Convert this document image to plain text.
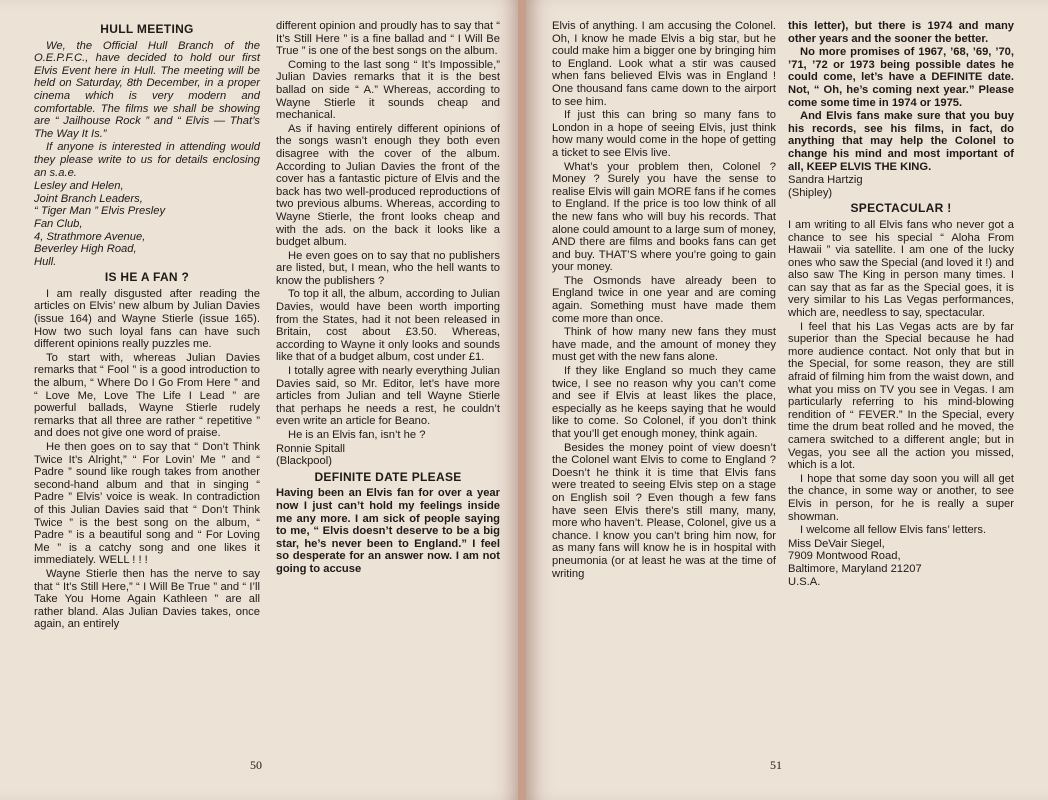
HULL MEETING

We, the Official Hull Branch of the O.E.P.F.C., have decided to hold our first Elvis Event here in Hull. The meeting will be held on Saturday, 8th December, in a proper cinema which is very modern and comfortable. The films we shall be showing are “ Jailhouse Rock ” and “ Elvis — That’s The Way It Is.”

If anyone is interested in attending would they please write to us for details enclosing an s.a.e.

Lesley and Helen,

Joint Branch Leaders,

“ Tiger Man ” Elvis Presley

Fan Club,

4, Strathmore Avenue,

Beverley High Road,

Hull.

IS HE A FAN ?

I am really disgusted after reading the articles on Elvis’ new album by Julian Davies (issue 164) and Wayne Stierle (issue 165). How two such loyal fans can have such different opinions really puzzles me.

To start with, whereas Julian Davies remarks that “ Fool ” is a good introduction to the album, “ Where Do I Go From Here ” and “ Love Me, Love The Life I Lead ” are powerful ballads, Wayne Stierle rudely remarks that all three are rather “ repetitive ” and does not give one word of praise.

He then goes on to say that “ Don’t Think Twice It’s Alright,” “ For Lovin’ Me ” and “ Padre ” sound like rough takes from another second-hand album and that in singing “ Padre ” Elvis’ voice is weak. In contradiction of this Julian Davies said that “ Don’t Think Twice ” is the best song on the album, “ Padre ” is a beautiful song and “ For Loving Me ” is a catchy song and one likes it immediately. WELL ! ! !

Wayne Stierle then has the nerve to say that “ It’s Still Here,” “ I Will Be True ” and “ I’ll Take You Home Again Kathleen ” are all rather bland. Alas Julian Davies takes, once again, an entirely

different opinion and proudly has to say that “ It’s Still Here ” is a fine ballad and “ I Will Be True ” is one of the best songs on the album.

Coming to the last song “ It’s Impossible,” Julian Davies remarks that it is the best ballad on side “ A.” Whereas, according to Wayne Stierle it sounds cheap and mechanical.

As if having entirely different opinions of the songs wasn’t enough they both even disagree with the cover of the album. According to Julian Davies the front of the cover has a fantastic picture of Elvis and the back has two well-produced reproductions of two previous albums. Whereas, according to Wayne Stierle, the front looks cheap and with the ads. on the back it looks like a budget album.

He even goes on to say that no publishers are listed, but, I mean, who the hell wants to know the publishers ?

To top it all, the album, according to Julian Davies, would have been worth importing from the States, had it not been released in Britain, cost about £3.50. Whereas, according to Wayne it only looks and sounds like that of a budget album, cost under £1.

I totally agree with nearly everything Julian Davies said, so Mr. Editor, let’s have more articles from Julian and tell Wayne Stierle that perhaps he needs a rest, he couldn’t even write an article for Beano.

He is an Elvis fan, isn’t he ?

Ronnie Spitall

(Blackpool)

DEFINITE DATE PLEASE

Having been an Elvis fan for over a year now I just can’t hold my feelings inside me any more. I am sick of people saying to me, “ Elvis doesn’t deserve to be a big star, he’s never been to England.” I feel so desperate for an answer now. I am not going to accuse

50

Elvis of anything. I am accusing the Colonel. Oh, I know he made Elvis a big star, but he could make him a bigger one by bringing him to England. Look what a stir was caused when fans believed Elvis was in England ! One thousand fans came down to the airport to see him.

If just this can bring so many fans to London in a hope of seeing Elvis, just think how many would come in the hope of getting a ticket to see Elvis live.

What’s your problem then, Colonel ? Money ? Surely you have the sense to realise Elvis will gain MORE fans if he comes to England. If the price is too low think of all the new fans who will buy his records. That alone could amount to a large sum of money, AND there are films and books fans can get and buy. THAT’S where you’re going to gain your money.

The Osmonds have already been to England twice in one year and are coming again. Something must have made them come more than once.

Think of how many new fans they must have made, and the amount of money they must get with the new fans alone.

If they like England so much they came twice, I see no reason why you can’t come and see if Elvis at least likes the place, especially as he keeps saying that he would like to come. So Colonel, if you don’t think that you’ll get enough money, think again.

Besides the money point of view doesn’t the Colonel want Elvis to come to England ? Doesn’t he think it is time that Elvis fans were treated to seeing Elvis step on a stage on English soil ? Even though a few fans have seen Elvis there’s still many, many, more who haven’t. Please, Colonel, give us a chance. I know you can’t bring him now, for as many fans will know he is in hospital with pneumonia (or at least he was at the time of writing

this letter), but there is 1974 and many other years and the sooner the better.

No more promises of 1967, ’68, ’69, ’70, ’71, ’72 or 1973 being possible dates he could come, let’s have a DEFINITE date. Not, “ Oh, he’s coming next year.” Please come some time in 1974 or 1975.

And Elvis fans make sure that you buy his records, see his films, in fact, do anything that may help the Colonel to change his mind and most important of all, KEEP ELVIS THE KING.

Sandra Hartzig

(Shipley)

SPECTACULAR !

I am writing to all Elvis fans who never got a chance to see his special “ Aloha From Hawaii ” via satellite. I am one of the lucky ones who saw the Special (and loved it !) and also saw The King in person many times. I can say that as far as the Special goes, it is very similar to his Las Vegas performances, which are, needless to say, spectacular.

I feel that his Las Vegas acts are by far superior than the Special because he had more audience contact. Not only that but in the Special, for some reason, they are still afraid of filming him from the waist down, and what you miss on TV you see in Vegas. I am particularly referring to his mind-blowing rendition of “ FEVER.” In the Special, every time the drum beat rolled and he moved, the camera switched to a different angle; but in Vegas, you see all the action you missed, which is a lot.

I hope that some day soon you will all get the chance, in some way or another, to see Elvis in person, for he is really a super showman.

I welcome all fellow Elvis fans’ letters.

Miss DeVair Siegel,

7909 Montwood Road,

Baltimore, Maryland 21207

U.S.A.

51
